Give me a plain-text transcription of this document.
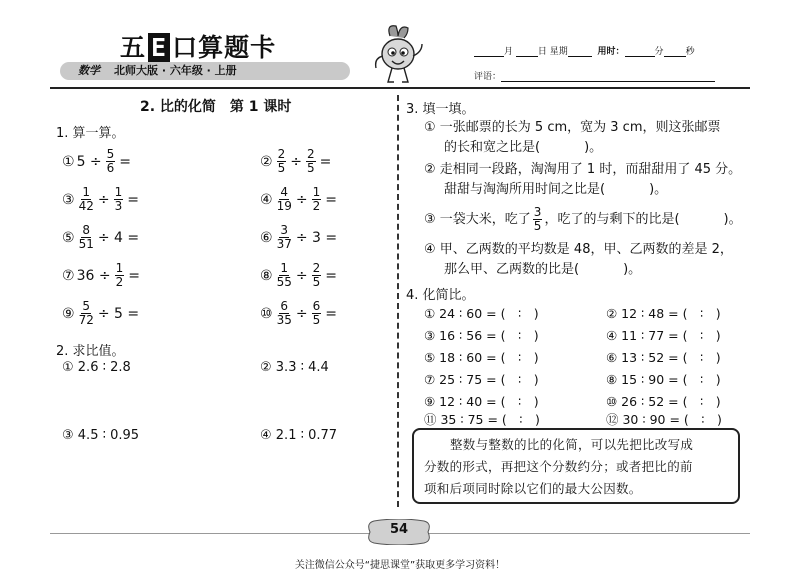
五 E 口算题卡
数学 北师大版 · 六年级 · 上册
月	日 星期	用时：	分 秒
评语：
2. 比的化简　第 1 课时
1. 算一算。
① $5 \div \frac{5}{6}$ =	② $\frac{2}{5} \div \frac{2}{5}$ =
③ $\frac{1}{42} \div \frac{1}{3}$ =	④ $\frac{4}{19} \div \frac{1}{2}$ =
⑤ $\frac{8}{51} \div 4$ =	⑥ $\frac{3}{37} \div 3$ =
⑦ $36 \div \frac{1}{2}$ =	⑧ $\frac{1}{55} \div \frac{2}{5}$ =
⑨ $\frac{5}{72} \div 5$ =	⑩ $\frac{6}{35} \div \frac{6}{5}$ =
2. 求比值。
① 2.6 ∶ 2.8	② 3.3 ∶ 4.4
③ 4.5 ∶ 0.95	④ 2.1 ∶ 0.77
3. 填一填。
① 一张邮票的长为 5 cm，宽为 3 cm，则这张邮票
的长和宽之比是(	)。
② 走相同一段路，淘淘用了 1 时，而甜甜用了 45 分。
甜甜与淘淘所用时间之比是(	)。
③ 一袋大米，吃了 $\frac{3}{5}$ ，吃了的与剩下的比是(	)。
④ 甲、乙两数的平均数是 48，甲、乙两数的差是 2，
那么甲、乙两数的比是(	)。
4. 化简比。
① 24 ∶ 60 = (　∶　)	② 12 ∶ 48 = (　∶　)
③ 16 ∶ 56 = (　∶　)	④ 11 ∶ 77 = (　∶　)
⑤ 18 ∶ 60 = (　∶　)	⑥ 13 ∶ 52 = (　∶　)
⑦ 25 ∶ 75 = (　∶　)	⑧ 15 ∶ 90 = (　∶　)
⑨ 12 ∶ 40 = (　∶　)	⑩ 26 ∶ 52 = (　∶　)
⑪ 35 ∶ 75 = (　∶　)	⑫ 30 ∶ 90 = (　∶　)
整数与整数的比的化简，可以先把比改写成
分数的形式，再把这个分数约分；或者把比的前
项和后项同时除以它们的最大公因数。
54
关注微信公众号“捷思课堂”获取更多学习资料！
